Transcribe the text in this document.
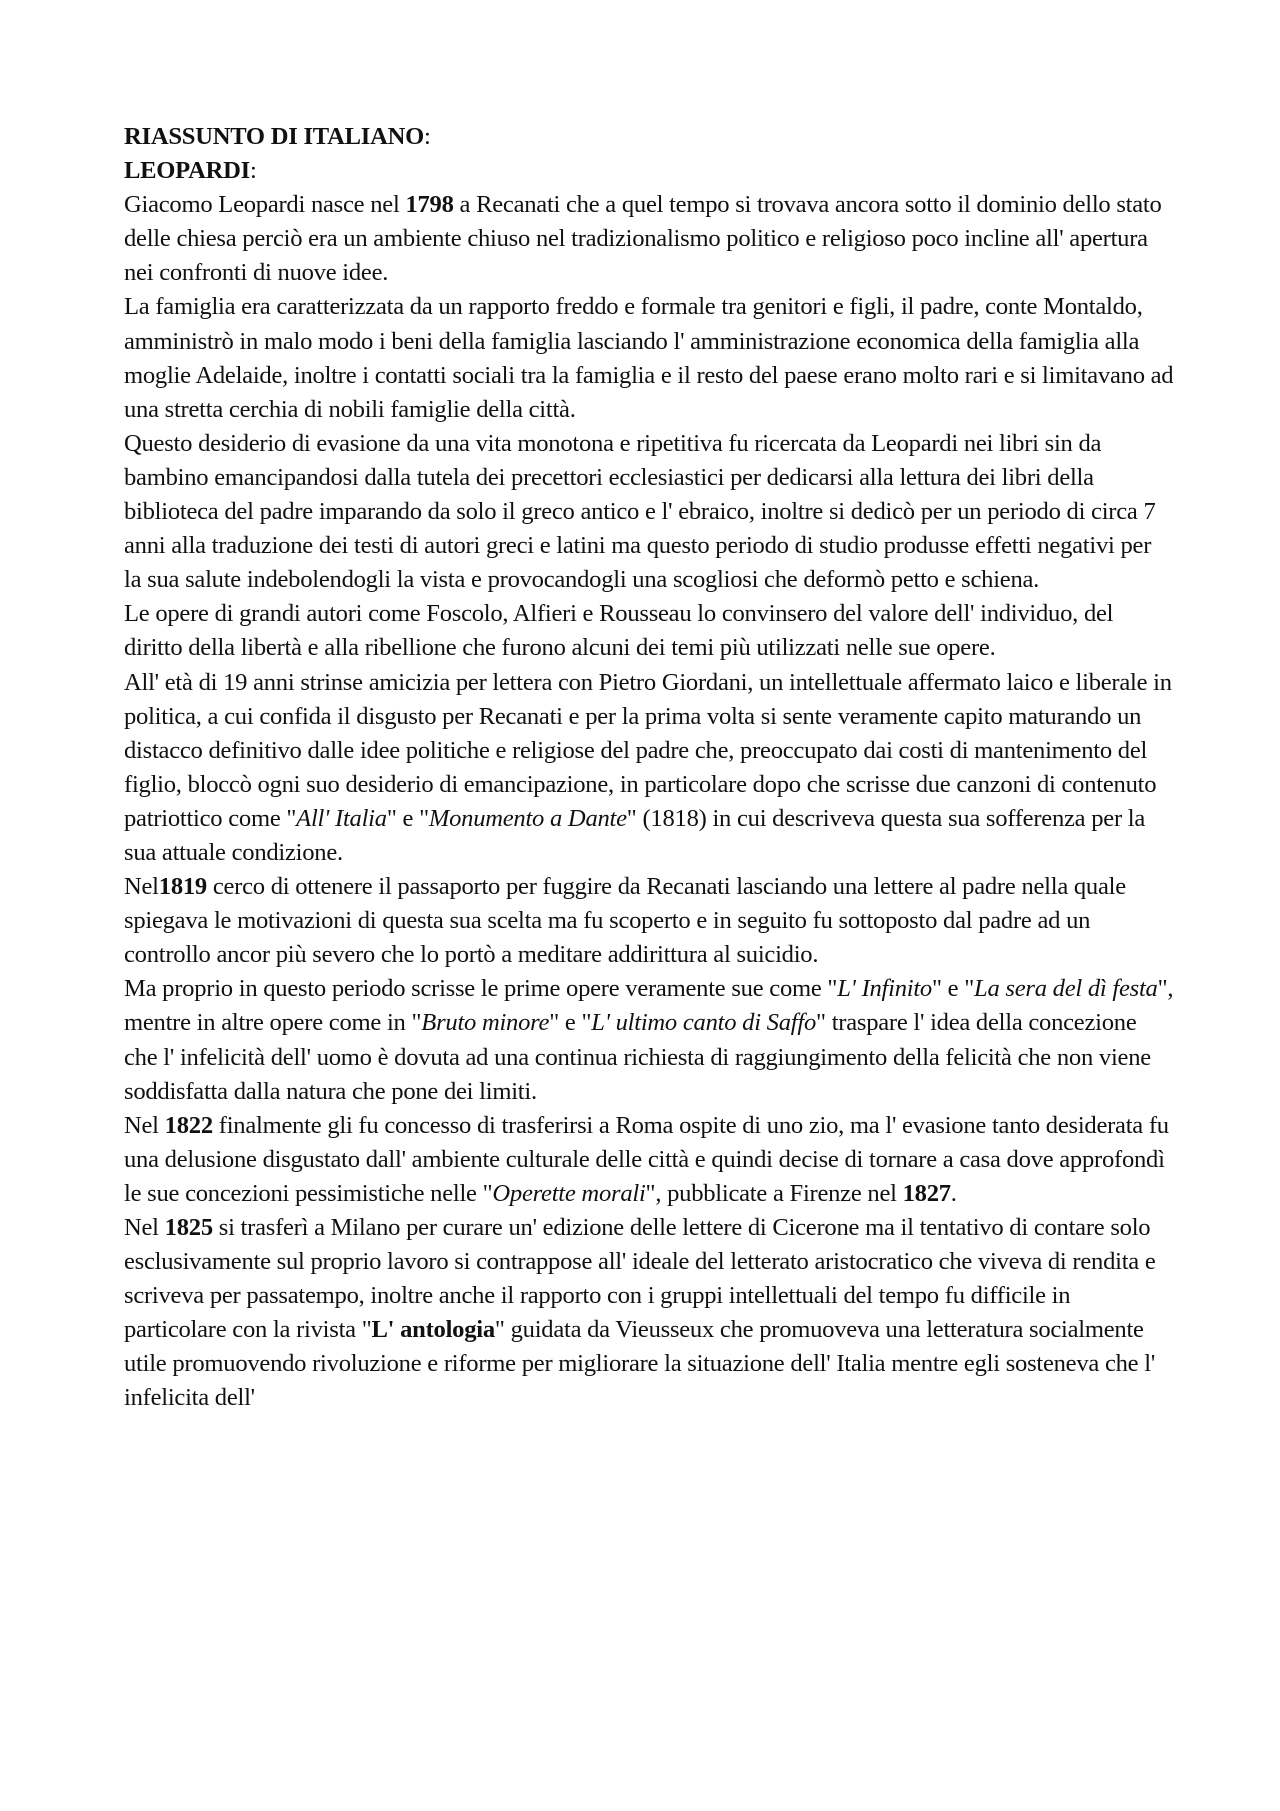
RIASSUNTO DI ITALIANO:

LEOPARDI:

Giacomo Leopardi nasce nel 1798 a Recanati che a quel tempo si trovava ancora sotto il dominio dello stato delle chiesa perciò era un ambiente chiuso nel tradizionalismo politico e religioso poco incline all' apertura nei confronti di nuove idee.

La famiglia era caratterizzata da un rapporto freddo e formale tra genitori e figli, il padre, conte Montaldo, amministrò in malo modo i beni della famiglia lasciando l' amministrazione economica della famiglia alla moglie Adelaide, inoltre i contatti sociali tra la famiglia e il resto del paese erano molto rari e si limitavano ad una stretta cerchia di nobili famiglie della città.

Questo desiderio di evasione da una vita monotona e ripetitiva fu ricercata da Leopardi nei libri sin da bambino emancipandosi dalla tutela dei precettori ecclesiastici per dedicarsi alla lettura dei libri della biblioteca del padre imparando da solo il greco antico e l' ebraico, inoltre si dedicò per un periodo di circa 7 anni alla traduzione dei testi di autori greci e latini ma questo periodo di studio produsse effetti negativi per la sua salute indebolendogli la vista e provocandogli una scogliosi che deformò petto e schiena.

Le opere di grandi autori come Foscolo, Alfieri e Rousseau lo convinsero del valore dell' individuo, del diritto della libertà e alla ribellione che furono alcuni dei temi più utilizzati nelle sue opere.

All' età di 19 anni strinse amicizia per lettera con Pietro Giordani, un intellettuale affermato laico e liberale in politica, a cui confida il disgusto per Recanati e per la prima volta si sente veramente capito maturando un distacco definitivo dalle idee politiche e religiose del padre che, preoccupato dai costi di mantenimento del figlio, bloccò ogni suo desiderio di emancipazione, in particolare dopo che scrisse due canzoni di contenuto patriottico come "All' Italia" e "Monumento a Dante" (1818) in cui descriveva questa sua sofferenza per la sua attuale condizione.

Nel1819 cerco di ottenere il passaporto per fuggire da Recanati lasciando una lettere al padre nella quale spiegava le motivazioni di questa sua scelta ma fu scoperto e in seguito fu sottoposto dal padre ad un controllo ancor più severo che lo portò a meditare addirittura al suicidio.

Ma proprio in questo periodo scrisse le prime opere veramente sue come "L' Infinito" e "La sera del dì festa", mentre in altre opere come in "Bruto minore" e "L' ultimo canto di Saffo" traspare l' idea della concezione che l' infelicità dell' uomo è dovuta ad una continua richiesta di raggiungimento della felicità che non viene soddisfatta dalla natura che pone dei limiti.

Nel 1822 finalmente gli fu concesso di trasferirsi a Roma ospite di uno zio, ma l' evasione tanto desiderata fu una delusione disgustato dall' ambiente culturale delle città e quindi decise di tornare a casa dove approfondì le sue concezioni pessimistiche nelle "Operette morali", pubblicate a Firenze nel 1827.

Nel 1825 si trasferì a Milano per curare un' edizione delle lettere di Cicerone ma il tentativo di contare solo esclusivamente sul proprio lavoro si contrappose all' ideale del letterato aristocratico che viveva di rendita e scriveva per passatempo, inoltre anche il rapporto con i gruppi intellettuali del tempo fu difficile in particolare con la rivista "L' antologia" guidata da Vieusseux che promuoveva una letteratura socialmente utile promuovendo rivoluzione e riforme per migliorare la situazione dell' Italia mentre egli sosteneva che l' infelicita dell'
